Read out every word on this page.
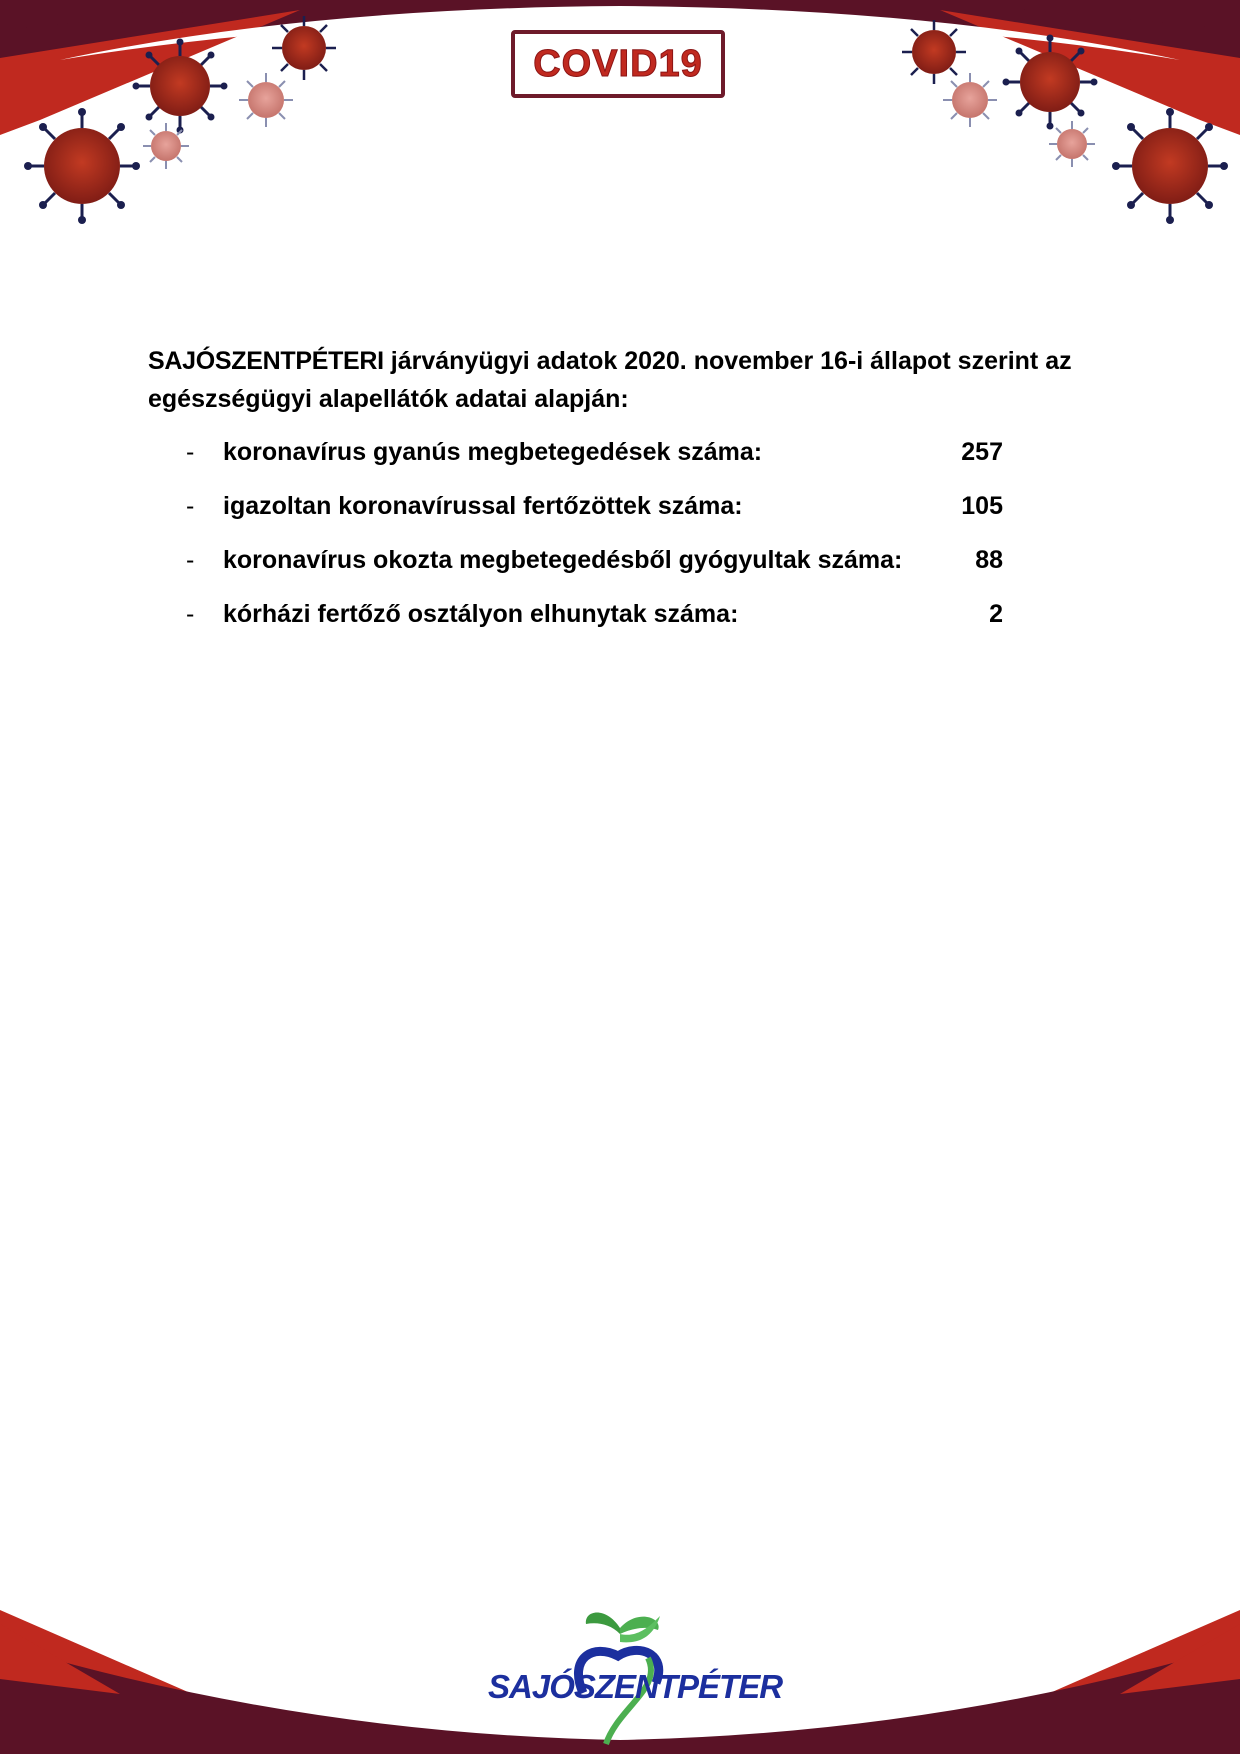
COVID19

SAJÓSZENTPÉTERI járványügyi adatok 2020. november 16-i állapot szerint az egészségügyi alapellátók adatai alapján:

- koronavírus gyanús megbetegedések száma:	257
- igazoltan koronavírussal fertőzöttek száma:	105
- koronavírus okozta megbetegedésből gyógyultak száma:	88
- kórházi fertőző osztályon elhunytak száma:	2
SAJÓSZENTPÉTER
